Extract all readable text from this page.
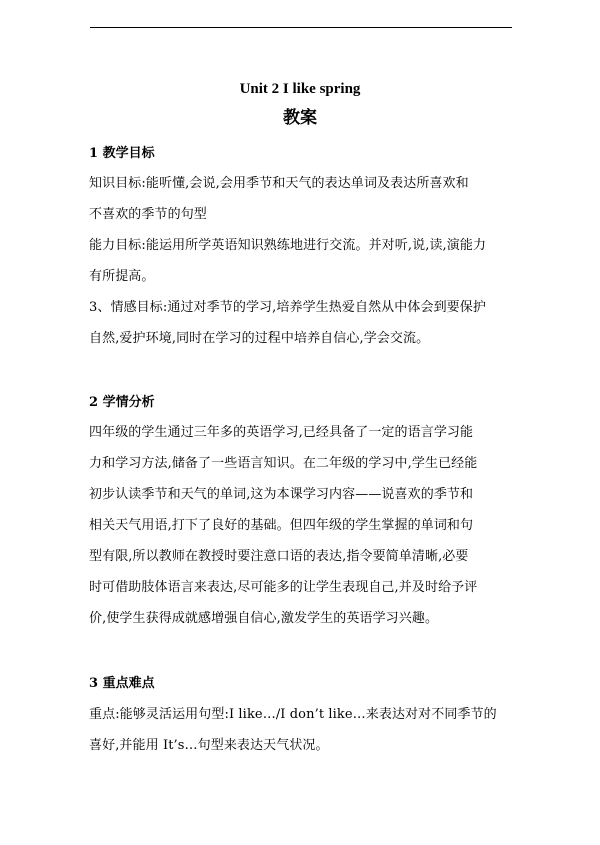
Unit 2 I like spring
教案
1 教学目标
知识目标:能听懂,会说,会用季节和天气的表达单词及表达所喜欢和
不喜欢的季节的句型
能力目标:能运用所学英语知识熟练地进行交流。并对听,说,读,演能力
有所提高。
3、情感目标:通过对季节的学习,培养学生热爱自然从中体会到要保护
自然,爱护环境,同时在学习的过程中培养自信心,学会交流。
2 学情分析
四年级的学生通过三年多的英语学习,已经具备了一定的语言学习能
力和学习方法,储备了一些语言知识。在二年级的学习中,学生已经能
初步认读季节和天气的单词,这为本课学习内容——说喜欢的季节和
相关天气用语,打下了良好的基础。但四年级的学生掌握的单词和句
型有限,所以教师在教授时要注意口语的表达,指令要简单清晰,必要
时可借助肢体语言来表达,尽可能多的让学生表现自己,并及时给予评
价,使学生获得成就感增强自信心,激发学生的英语学习兴趣。
3 重点难点
重点:能够灵活运用句型:I like…/I don’t like…来表达对对不同季节的
喜好,并能用 It’s…句型来表达天气状况。
